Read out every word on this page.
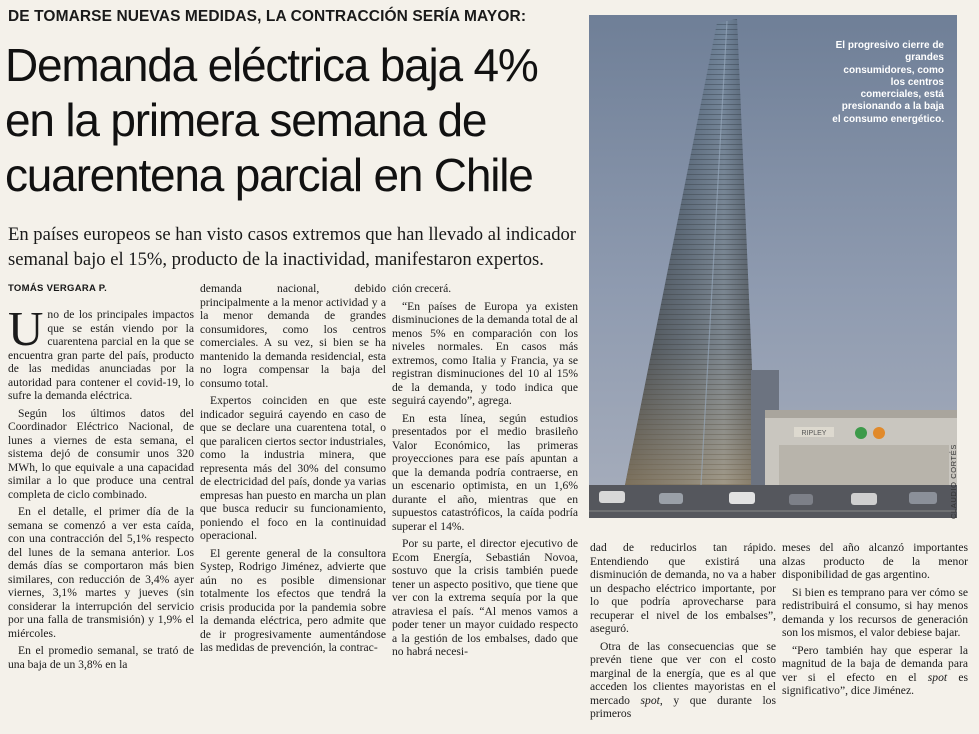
DE TOMARSE NUEVAS MEDIDAS, LA CONTRACCIÓN SERÍA MAYOR:
Demanda eléctrica baja 4%
en la primera semana de
cuarentena parcial en Chile
En países europeos se han visto casos extremos que han llevado al indicador
semanal bajo el 15%, producto de la inactividad, manifestaron expertos.
TOMÁS VERGARA P.

Uno de los principales impactos que se están viendo por la cuarentena parcial en la que se encuentra gran parte del país, producto de las medidas anunciadas por la autoridad para contener el covid-19, lo sufre la demanda eléctrica.

Según los últimos datos del Coordinador Eléctrico Nacional, de lunes a viernes de esta semana, el sistema dejó de consumir unos 320 MWh, lo que equivale a una capacidad similar a lo que produce una central completa de ciclo combinado.

En el detalle, el primer día de la semana se comenzó a ver esta caída, con una contracción del 5,1% respecto del lunes de la semana anterior. Los demás días se comportaron más bien similares, con reducción de 3,4% ayer viernes, 3,1% martes y jueves (sin considerar la interrupción del servicio por una falla de transmisión) y 1,9% el miércoles.

En el promedio semanal, se trató de una baja de un 3,8% en la

demanda nacional, debido principalmente a la menor actividad y a la menor demanda de grandes consumidores, como los centros comerciales. A su vez, si bien se ha mantenido la demanda residencial, esta no logra compensar la baja del consumo total.

Expertos coinciden en que este indicador seguirá cayendo en caso de que se declare una cuarentena total, o que paralicen ciertos sector industriales, como la industria minera, que representa más del 30% del consumo de electricidad del país, donde ya varias empresas han puesto en marcha un plan que busca reducir su funcionamiento, poniendo el foco en la continuidad operacional.

El gerente general de la consultora Systep, Rodrigo Jiménez, advierte que aún no es posible dimensionar totalmente los efectos que tendrá la crisis producida por la pandemia sobre la demanda eléctrica, pero admite que de ir progresivamente aumentándose las medidas de prevención, la contrac-

ción crecerá.

“En países de Europa ya existen disminuciones de la demanda total de al menos 5% en comparación con los niveles normales. En casos más extremos, como Italia y Francia, ya se registran disminuciones del 10 al 15% de la demanda, y todo indica que seguirá cayendo”, agrega.

En esta línea, según estudios presentados por el medio brasileño Valor Económico, las primeras proyecciones para ese país apuntan a que la demanda podría contraerse, en un escenario optimista, en un 1,6% durante el año, mientras que en supuestos catastróficos, la caída podría superar el 14%.

Por su parte, el director ejecutivo de Ecom Energía, Sebastián Novoa, sostuvo que la crisis también puede tener un aspecto positivo, que tiene que ver con la extrema sequía por la que atraviesa el país. “Al menos vamos a poder tener un mayor cuidado respecto a la gestión de los embalses, dado que no habrá necesi-

dad de reducirlos tan rápido. Entendiendo que existirá una disminución de demanda, no va a haber un despacho eléctrico importante, por lo que podría aprovecharse para recuperar el nivel de los embalses”, aseguró.

Otra de las consecuencias que se prevén tiene que ver con el costo marginal de la energía, que es al que acceden los clientes mayoristas en el mercado spot, y que durante los primeros

meses del año alcanzó importantes alzas producto de la menor disponibilidad de gas argentino.

Si bien es temprano para ver cómo se redistribuirá el consumo, si hay menos demanda y los recursos de generación son los mismos, el valor debiese bajar.

“Pero también hay que esperar la magnitud de la baja de demanda para ver si el efecto en el spot es significativo”, dice Jiménez.

RIPLEY
El progresivo cierre de grandes consumidores, como los centros comerciales, está presionando a la baja el consumo energético.
CLAUDIO CORTÉS
